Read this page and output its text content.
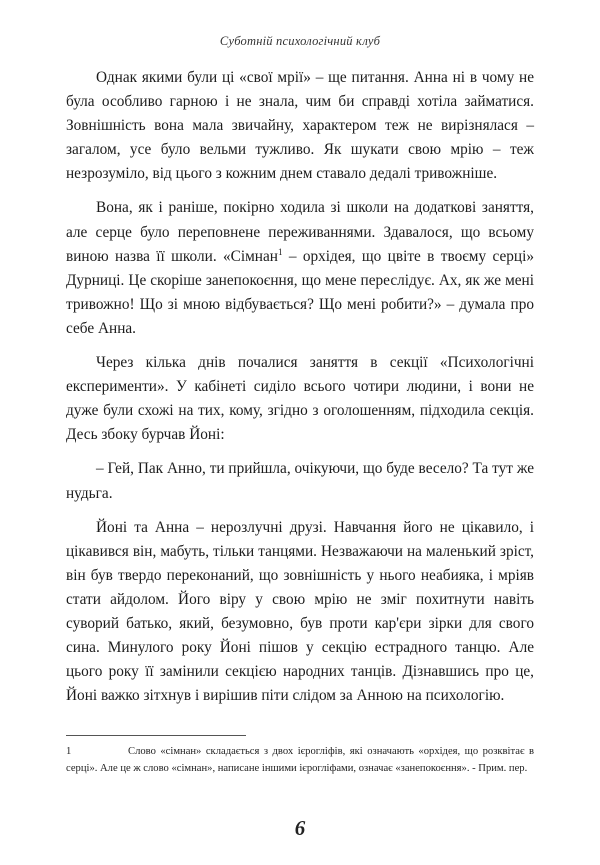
Суботній психологічний клуб

Однак якими були ці «свої мрії» – ще питання. Анна ні в чому не була особливо гарною і не знала, чим би справді хотіла займатися. Зовнішність вона мала звичайну, характером теж не вирізнялася – загалом, усе було вельми тужливо. Як шукати свою мрію – теж незрозуміло, від цього з кожним днем ставало дедалі тривожніше.

Вона, як і раніше, покірно ходила зі школи на додаткові заняття, але серце було переповнене переживаннями. Здавалося, що всьому виною назва її школи. «Сімнан$^1$ – орхідея, що цвіте в твоєму серці» Дурниці. Це скоріше занепокоєння, що мене переслідує. Ах, як же мені тривожно! Що зі мною відбувається? Що мені робити?» – думала про себе Анна.

Через кілька днів почалися заняття в секції «Психологічні експерименти». У кабінеті сиділо всього чотири людини, і вони не дуже були схожі на тих, кому, згідно з оголошенням, підходила секція. Десь збоку бурчав Йоні:

– Гей, Пак Анно, ти прийшла, очікуючи, що буде весело? Та тут же нудьга.

Йоні та Анна – нерозлучні друзі. Навчання його не цікавило, і цікавився він, мабуть, тільки танцями. Незважаючи на маленький зріст, він був твердо переконаний, що зовнішність у нього неабияка, і мріяв стати айдолом. Його віру у свою мрію не зміг похитнути навіть суворий батько, який, безумовно, був проти кар'єри зірки для свого сина. Минулого року Йоні пішов у секцію естрадного танцю. Але цього року її замінили секцією народних танців. Дізнавшись про це, Йоні важко зітхнув і вирішив піти слідом за Анною на психологію.

1	Слово «сімнан» складається з двох ієрогліфів, які означають «орхідея, що розквітає в серці». Але це ж слово «сімнан», написане іншими ієрогліфами, означає «занепокоєння». - Прим. пер.
6
